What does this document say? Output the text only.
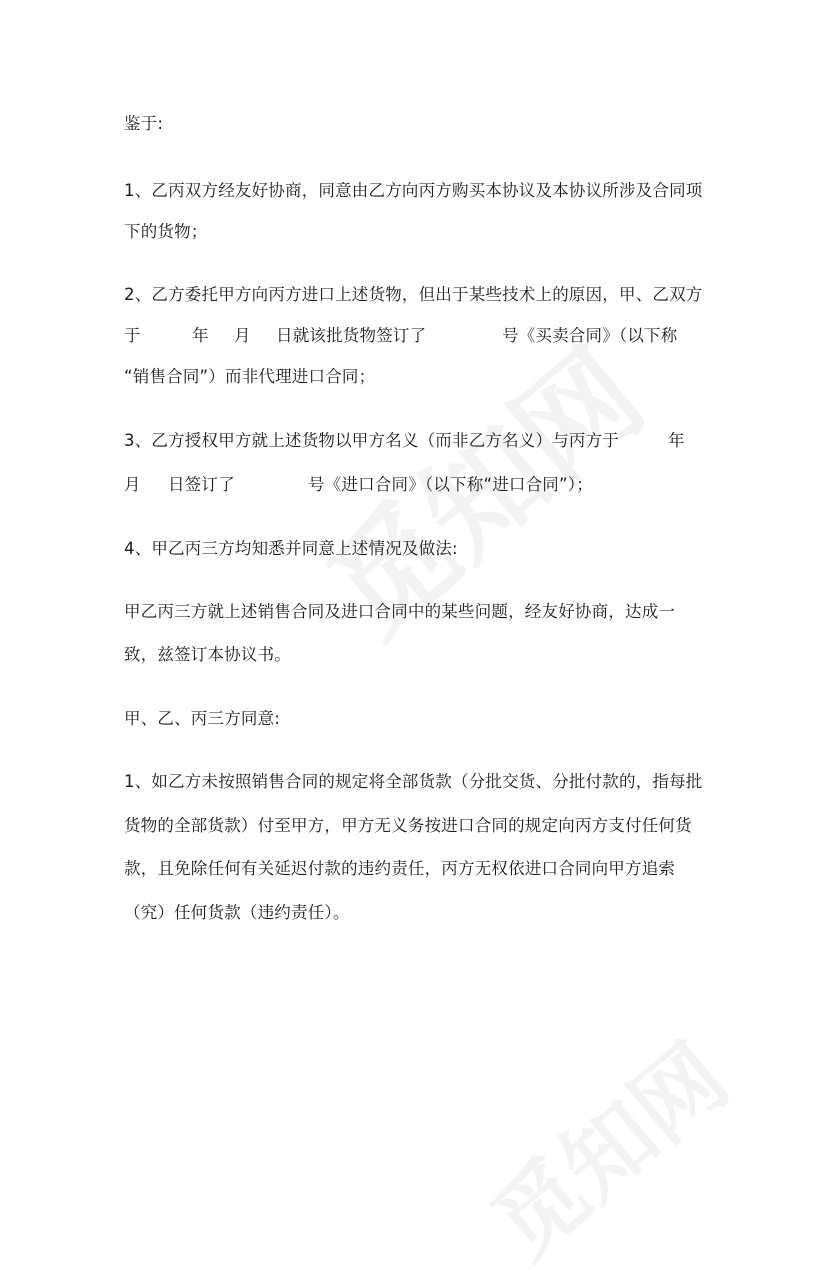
鉴于:
1、乙丙双方经友好协商，同意由乙方向丙方购买本协议及本协议所涉及合同项
下的货物；
2、乙方委托甲方向丙方进口上述货物，但出于某些技术上的原因，甲、乙双方

于

	年

月

日就该批货物签订了

	号《买卖合同》（以下称

“销售合同”）而非代理进口合同；

3、乙方授权甲方就上述货物以甲方名义（而非乙方名义）与丙方于

	年

月

日签订了

	号《进口合同》（以下称“进口合同”）；

4、甲乙丙三方均知悉并同意上述情况及做法:
甲乙丙三方就上述销售合同及进口合同中的某些问题，经友好协商，达成一
致，兹签订本协议书。
甲、乙、丙三方同意:
1、如乙方未按照销售合同的规定将全部货款（分批交货、分批付款的，指每批
货物的全部货款）付至甲方，甲方无义务按进口合同的规定向丙方支付任何货
款，且免除任何有关延迟付款的违约责任，丙方无权依进口合同向甲方追索
（究）任何货款（违约责任）。
